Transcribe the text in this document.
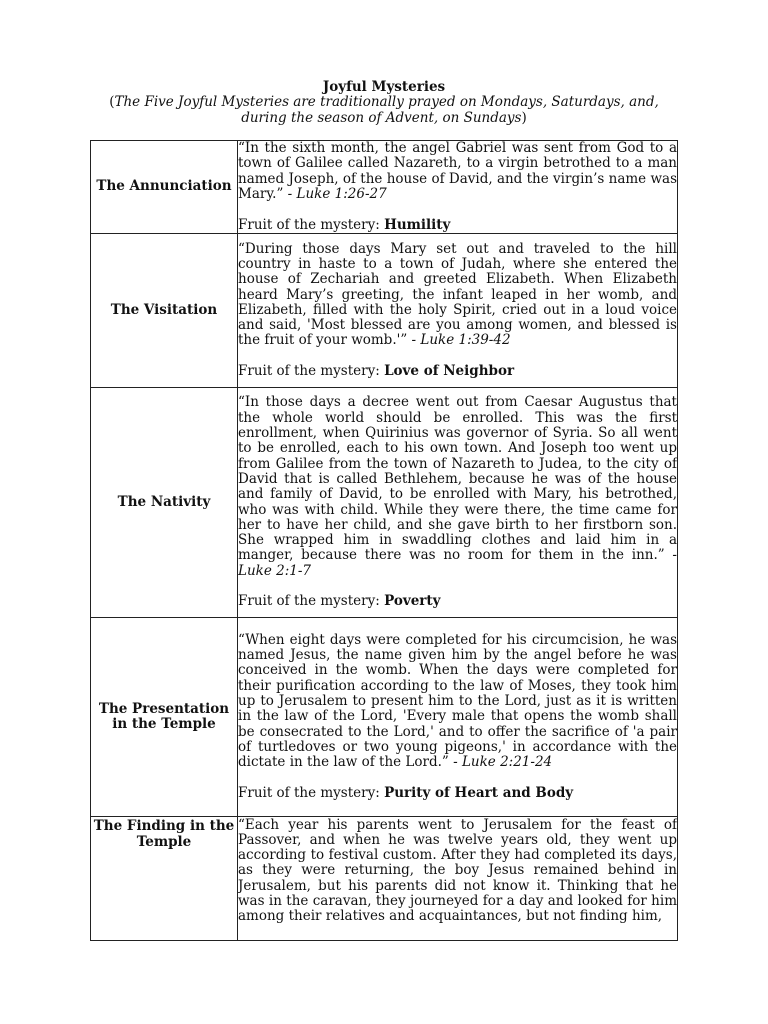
Joyful Mysteries
(The Five Joyful Mysteries are traditionally prayed on Mondays, Saturdays, and, during the season of Advent, on Sundays)
The Annunciation	“In the sixth month, the angel Gabriel was sent from God to a town of Galilee called Nazareth, to a virgin betrothed to a man named Joseph, of the house of David, and the virgin’s name was Mary.” - Luke 1:26-27
Fruit of the mystery: Humility

The Visitation	“During those days Mary set out and traveled to the hill country in haste to a town of Judah, where she entered the house of Zechariah and greeted Elizabeth. When Elizabeth heard Mary’s greeting, the infant leaped in her womb, and Elizabeth, filled with the holy Spirit, cried out in a loud voice and said, 'Most blessed are you among women, and blessed is the fruit of your womb.'” - Luke 1:39-42
Fruit of the mystery: Love of Neighbor

The Nativity	“In those days a decree went out from Caesar Augustus that the whole world should be enrolled. This was the first enrollment, when Quirinius was governor of Syria. So all went to be enrolled, each to his own town. And Joseph too went up from Galilee from the town of Nazareth to Judea, to the city of David that is called Bethlehem, because he was of the house and family of David, to be enrolled with Mary, his betrothed, who was with child. While they were there, the time came for her to have her child, and she gave birth to her firstborn son. She wrapped him in swaddling clothes and laid him in a manger, because there was no room for them in the inn.” - Luke 2:1-7
Fruit of the mystery: Poverty

The Presentation in the Temple	“When eight days were completed for his circumcision, he was named Jesus, the name given him by the angel before he was conceived in the womb. When the days were completed for their purification according to the law of Moses, they took him up to Jerusalem to present him to the Lord, just as it is written in the law of the Lord, 'Every male that opens the womb shall be consecrated to the Lord,' and to offer the sacrifice of 'a pair of turtledoves or two young pigeons,' in accordance with the dictate in the law of the Lord.” - Luke 2:21-24
Fruit of the mystery: Purity of Heart and Body

The Finding in the Temple	“Each year his parents went to Jerusalem for the feast of Passover, and when he was twelve years old, they went up according to festival custom. After they had completed its days, as they were returning, the boy Jesus remained behind in Jerusalem, but his parents did not know it. Thinking that he was in the caravan, they journeyed for a day and looked for him among their relatives and acquaintances, but not finding him,
